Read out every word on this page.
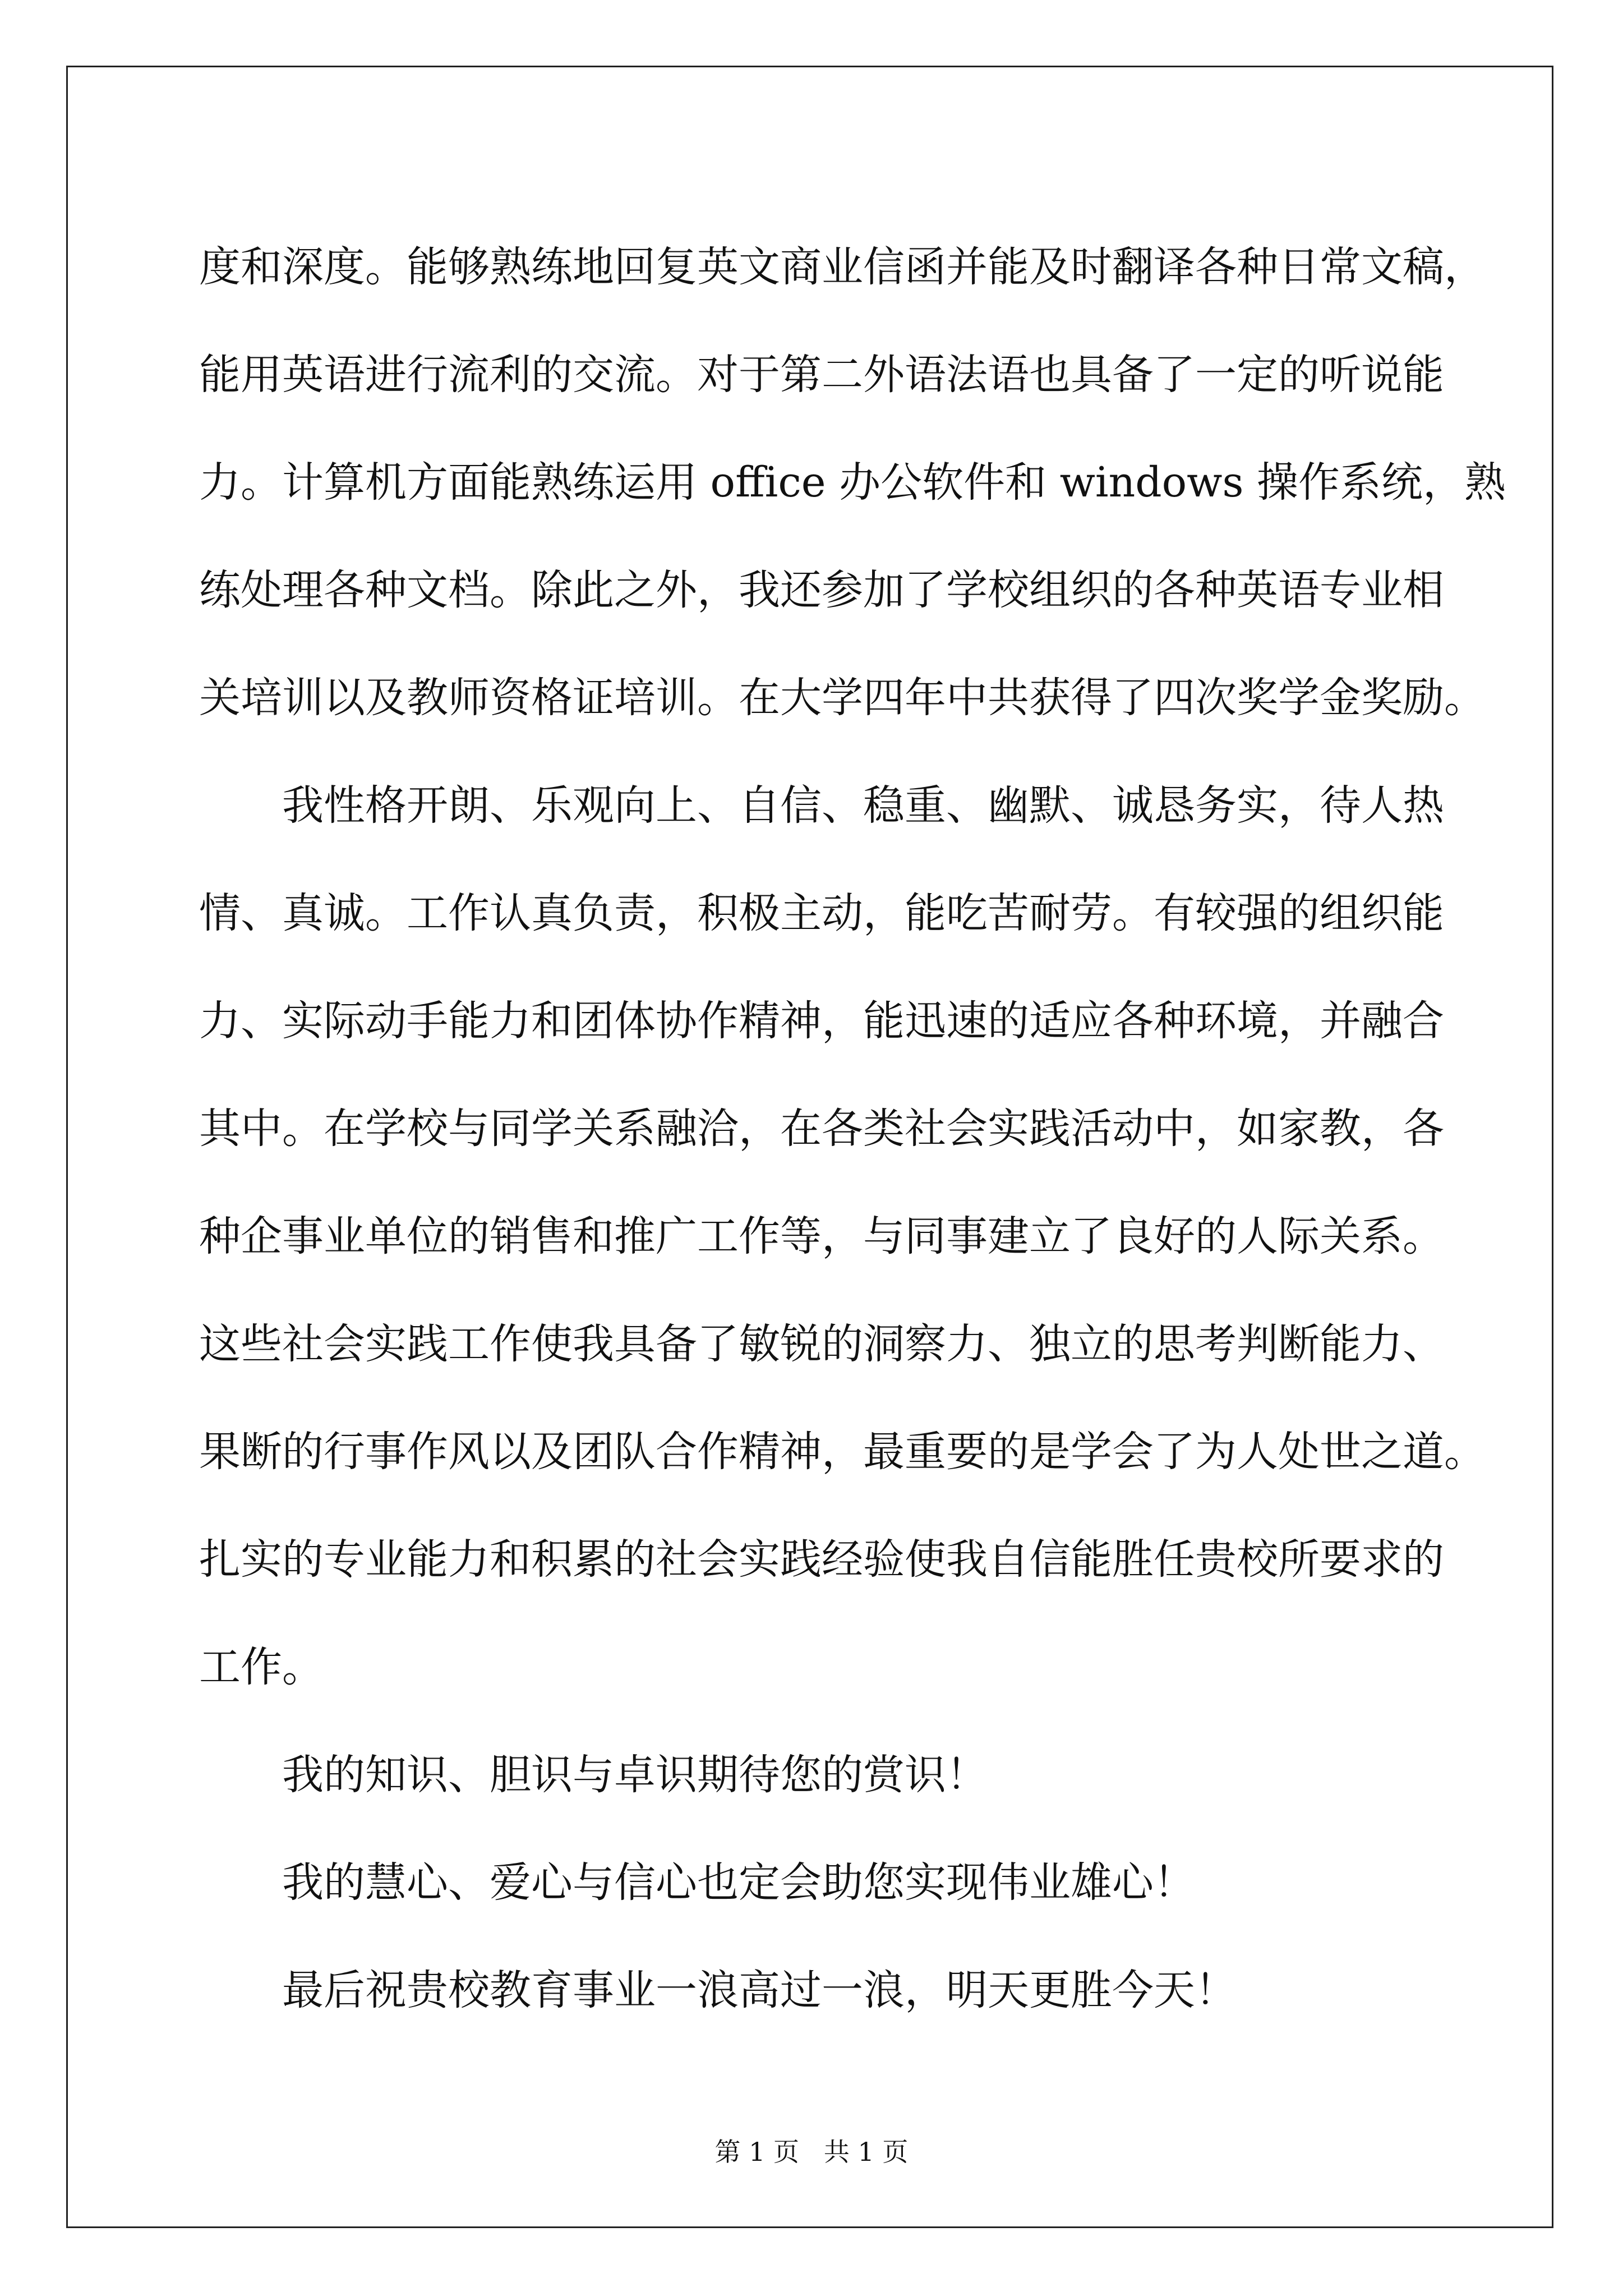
度和深度。能够熟练地回复英文商业信函并能及时翻译各种日常文稿，
能用英语进行流利的交流。对于第二外语法语也具备了一定的听说能
力。计算机方面能熟练运用 office 办公软件和 windows 操作系统，熟
练处理各种文档。除此之外，我还参加了学校组织的各种英语专业相
关培训以及教师资格证培训。在大学四年中共获得了四次奖学金奖励。
我性格开朗、乐观向上、自信、稳重、幽默、诚恳务实，待人热
情、真诚。工作认真负责，积极主动，能吃苦耐劳。有较强的组织能
力、实际动手能力和团体协作精神，能迅速的适应各种环境，并融合
其中。在学校与同学关系融洽，在各类社会实践活动中，如家教，各
种企事业单位的销售和推广工作等，与同事建立了良好的人际关系。
这些社会实践工作使我具备了敏锐的洞察力、独立的思考判断能力、
果断的行事作风以及团队合作精神，最重要的是学会了为人处世之道。
扎实的专业能力和积累的社会实践经验使我自信能胜任贵校所要求的
工作。
我的知识、胆识与卓识期待您的赏识！
我的慧心、爱心与信心也定会助您实现伟业雄心！
最后祝贵校教育事业一浪高过一浪，明天更胜今天！
第 1 页   共 1 页
